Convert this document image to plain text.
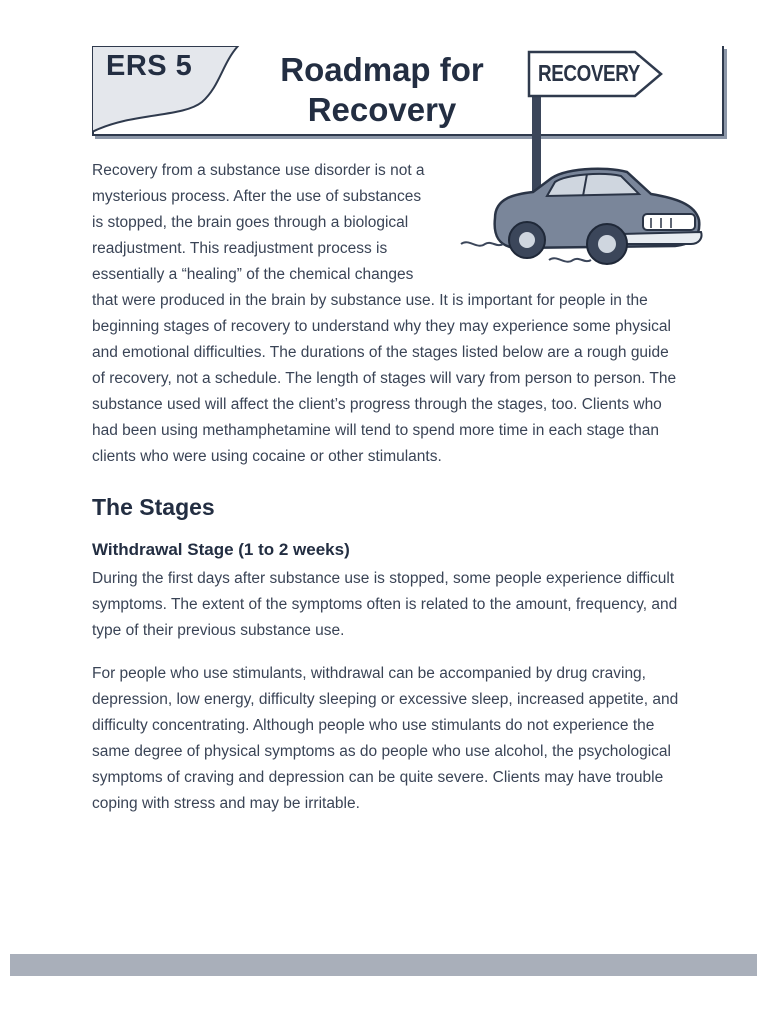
ERS 5	Roadmap for
Recovery
RECOVERY
Recovery from a substance use disorder is not a
mysterious process. After the use of substances
is stopped, the brain goes through a biological
readjustment. This readjustment process is
essentially a “healing” of the chemical changes
that were produced in the brain by substance use. It is important for people in the
beginning stages of recovery to understand why they may experience some physical
and emotional difficulties. The durations of the stages listed below are a rough guide
of recovery, not a schedule. The length of stages will vary from person to person. The
substance used will affect the client’s progress through the stages, too. Clients who
had been using methamphetamine will tend to spend more time in each stage than
clients who were using cocaine or other stimulants.
The Stages
Withdrawal Stage (1 to 2 weeks)
During the first days after substance use is stopped, some people experience difficult
symptoms. The extent of the symptoms often is related to the amount, frequency, and
type of their previous substance use.
For people who use stimulants, withdrawal can be accompanied by drug craving,
depression, low energy, difficulty sleeping or excessive sleep, increased appetite, and
difficulty concentrating. Although people who use stimulants do not experience the
same degree of physical symptoms as do people who use alcohol, the psychological
symptoms of craving and depression can be quite severe. Clients may have trouble
coping with stress and may be irritable.
